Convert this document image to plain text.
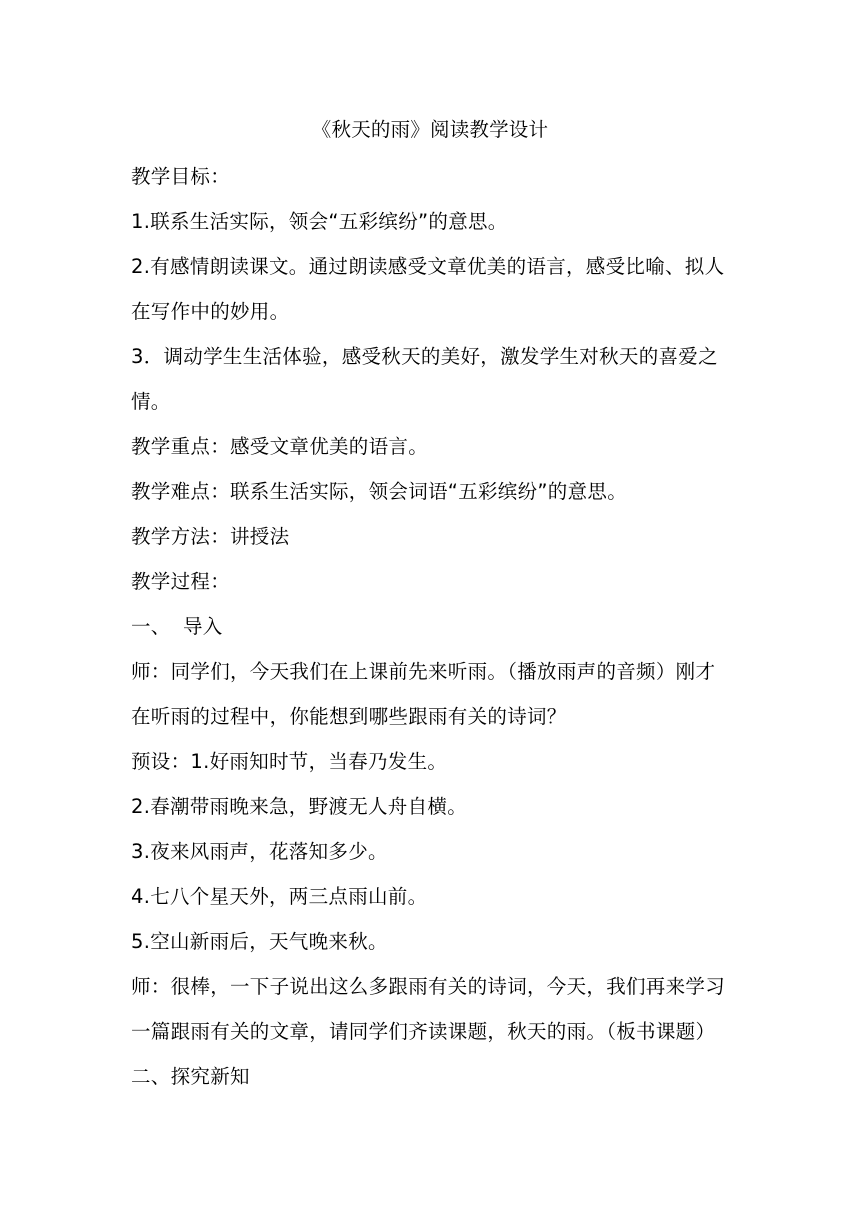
《秋天的雨》阅读教学设计

教学目标：

1.联系生活实际，领会“五彩缤纷”的意思。

2.有感情朗读课文。通过朗读感受文章优美的语言，感受比喻、拟人
在写作中的妙用。

3．调动学生生活体验，感受秋天的美好，激发学生对秋天的喜爱之
情。

教学重点：感受文章优美的语言。

教学难点：联系生活实际，领会词语“五彩缤纷”的意思。

教学方法：讲授法

教学过程：

一、 导入

师：同学们，今天我们在上课前先来听雨。（播放雨声的音频）刚才
在听雨的过程中，你能想到哪些跟雨有关的诗词？

预设：1.好雨知时节，当春乃发生。

2.春潮带雨晚来急，野渡无人舟自横。

3.夜来风雨声，花落知多少。

4.七八个星天外，两三点雨山前。

5.空山新雨后，天气晚来秋。

师：很棒，一下子说出这么多跟雨有关的诗词，今天，我们再来学习
一篇跟雨有关的文章，请同学们齐读课题，秋天的雨。（板书课题）

二、探究新知
